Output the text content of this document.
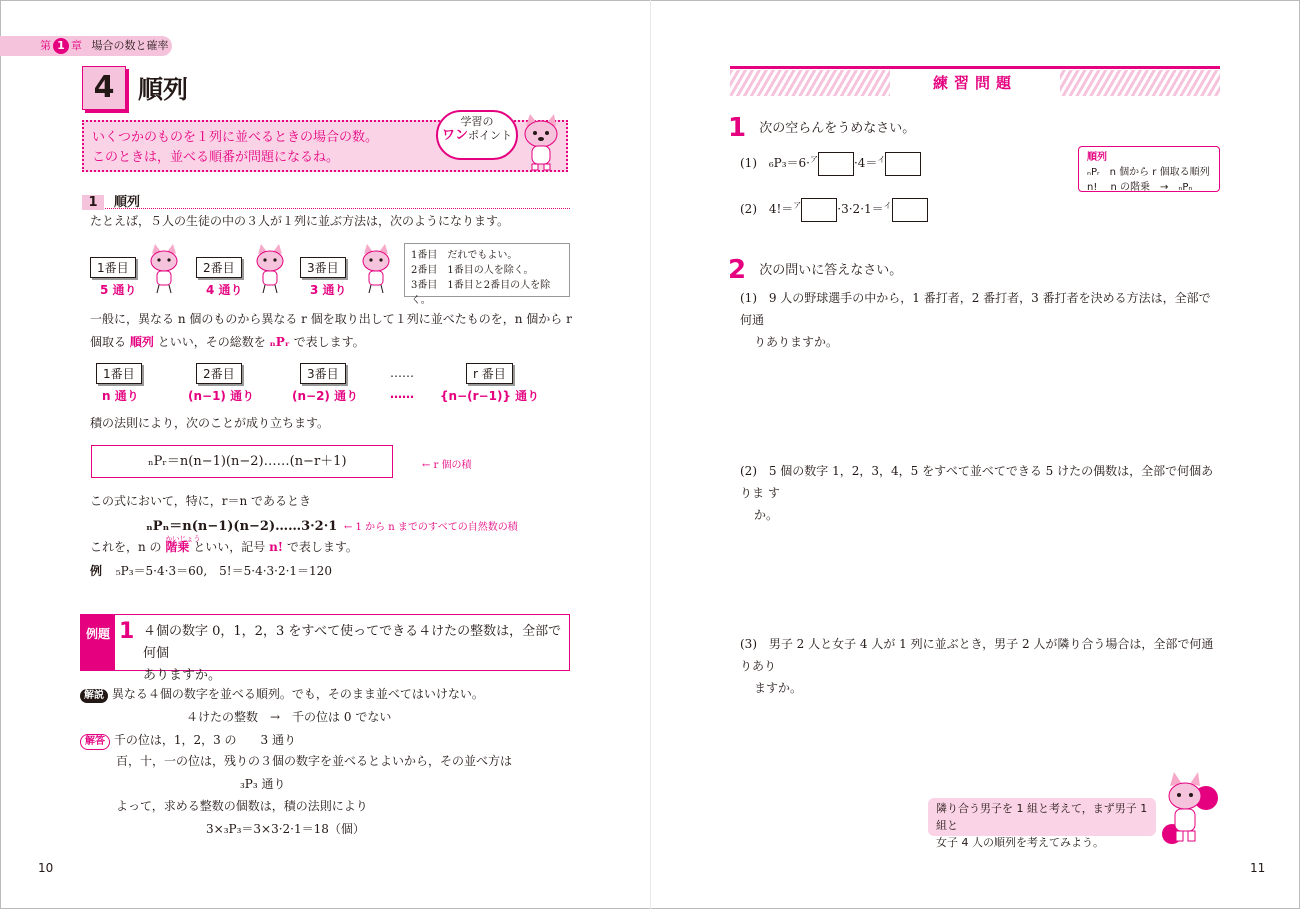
第 1 章 場合の数と確率
4 順列
いくつかのものを１列に並べるときの場合の数。
このときは，並べる順番が問題になるね。
学習の
ワンポイント
1 順列
たとえば，５人の生徒の中の３人が１列に並ぶ方法は，次のようになります。
1番目
5 通り
2番目
4 通り
3番目
3 通り
1番目　だれでもよい。
2番目　1番目の人を除く。
3番目　1番目と2番目の人を除く。
一般に，異なる n 個のものから異なる r 個を取り出して１列に並べたものを，n 個から r
個取る 順列 といい，その総数を ₙPᵣ で表します。
1番目
n 通り
2番目
(n−1) 通り
3番目
(n−2) 通り
……
……
r 番目
{n−(r−1)} 通り
積の法則により，次のことが成り立ちます。
ₙPᵣ＝n(n−1)(n−2)……(n−r＋1)	← r 個の積
この式において，特に，r＝n であるとき
ₙPₙ＝n(n−1)(n−2)……3·2·1 ← 1 から n までのすべての自然数の積
これを，n の
かいじょう
階乗 といい，記号 n! で表します。
例 ₅P₃＝5·4·3＝60,　5!＝5·4·3·2·1＝120
例題 1 ４個の数字 0，1，2，3 をすべて使ってできる４けたの整数は，全部で何個
ありますか。
解説 異なる４個の数字を並べる順列。でも，そのまま並べてはいけない。
４けたの整数　→　千の位は 0 でない
解答 千の位は，1，2，3 の　　3 通り
百，十，一の位は，残りの３個の数字を並べるとよいから，その並べ方は
₃P₃ 通り
よって，求める整数の個数は，積の法則により
3×₃P₃＝3×3·2·1＝18（個）
10
練習問題
1 $^{次の空らんをうめなさい。}$
(1) ₆P₃＝6·$^ア$	·4＝$^イ$
(2) 4!＝$^ア$	·3·2·1＝$^イ$
順列
ₙPᵣ　n 個から r 個取る順列
n!　 n の階乗　→　ₙPₙ
2 $^{次の問いに答えなさい。}$
(1) 9 人の野球選手の中から，1 番打者，2 番打者，3 番打者を決める方法は，全部で何通
りありますか。
(2) 5 個の数字 1，2，3，4，5 をすべて並べてできる 5 けたの偶数は，全部で何個ありま す
か。
(3) 男子 2 人と女子 4 人が 1 列に並ぶとき，男子 2 人が隣り合う場合は，全部で何通りあり
ますか。
隣り合う男子を 1 組と考えて，まず男子 1 組と
女子 4 人の順列を考えてみよう。
11
